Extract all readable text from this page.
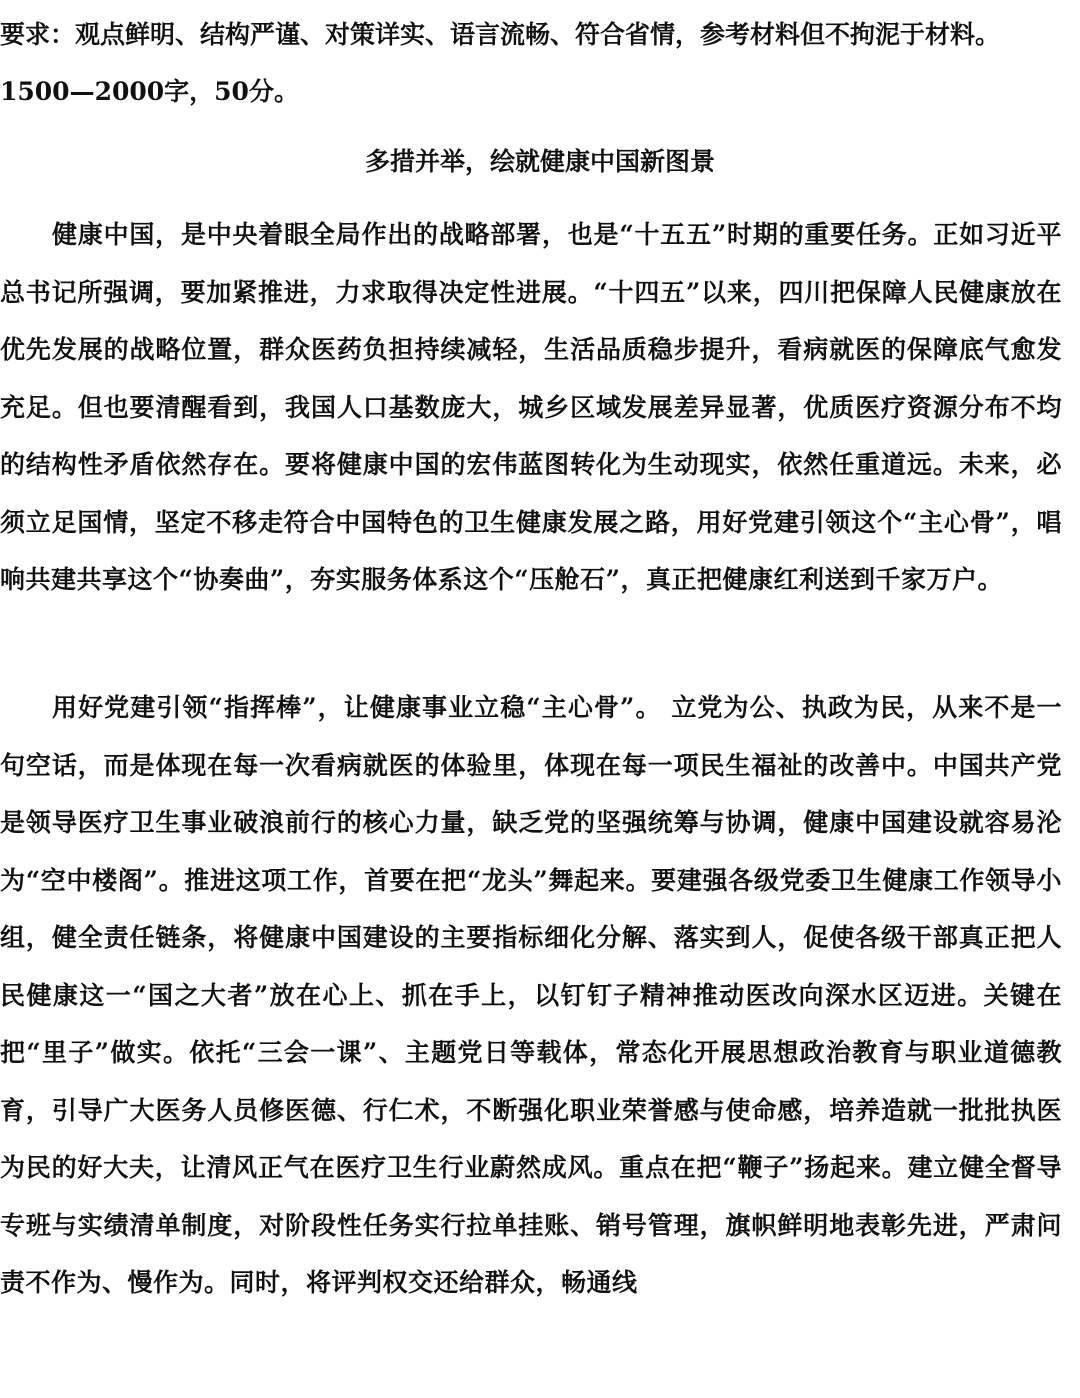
要求：观点鲜明、结构严谨、对策详实、语言流畅、符合省情，参考材料但不拘泥于材料。
1500—2000字，50分。
多措并举，绘就健康中国新图景
健康中国，是中央着眼全局作出的战略部署，也是“十五五”时期的重要任务。正如习近平总书记所强调，要加紧推进，力求取得决定性进展。“十四五”以来，四川把保障人民健康放在优先发展的战略位置，群众医药负担持续减轻，生活品质稳步提升，看病就医的保障底气愈发充足。但也要清醒看到，我国人口基数庞大，城乡区域发展差异显著，优质医疗资源分布不均的结构性矛盾依然存在。要将健康中国的宏伟蓝图转化为生动现实，依然任重道远。未来，必须立足国情，坚定不移走符合中国特色的卫生健康发展之路，用好党建引领这个“主心骨”，唱响共建共享这个“协奏曲”，夯实服务体系这个“压舱石”，真正把健康红利送到千家万户。
用好党建引领“指挥棒”，让健康事业立稳“主心骨”。 立党为公、执政为民，从来不是一句空话，而是体现在每一次看病就医的体验里，体现在每一项民生福祉的改善中。中国共产党是领导医疗卫生事业破浪前行的核心力量，缺乏党的坚强统筹与协调，健康中国建设就容易沦为“空中楼阁”。推进这项工作，首要在把“龙头”舞起来。要建强各级党委卫生健康工作领导小组，健全责任链条，将健康中国建设的主要指标细化分解、落实到人，促使各级干部真正把人民健康这一“国之大者”放在心上、抓在手上，以钉钉子精神推动医改向深水区迈进。关键在把“里子”做实。依托“三会一课”、主题党日等载体，常态化开展思想政治教育与职业道德教育，引导广大医务人员修医德、行仁术，不断强化职业荣誉感与使命感，培养造就一批批执医为民的好大夫，让清风正气在医疗卫生行业蔚然成风。重点在把“鞭子”扬起来。建立健全督导专班与实绩清单制度，对阶段性任务实行拉单挂账、销号管理，旗帜鲜明地表彰先进，严肃问责不作为、慢作为。同时，将评判权交还给群众，畅通线
